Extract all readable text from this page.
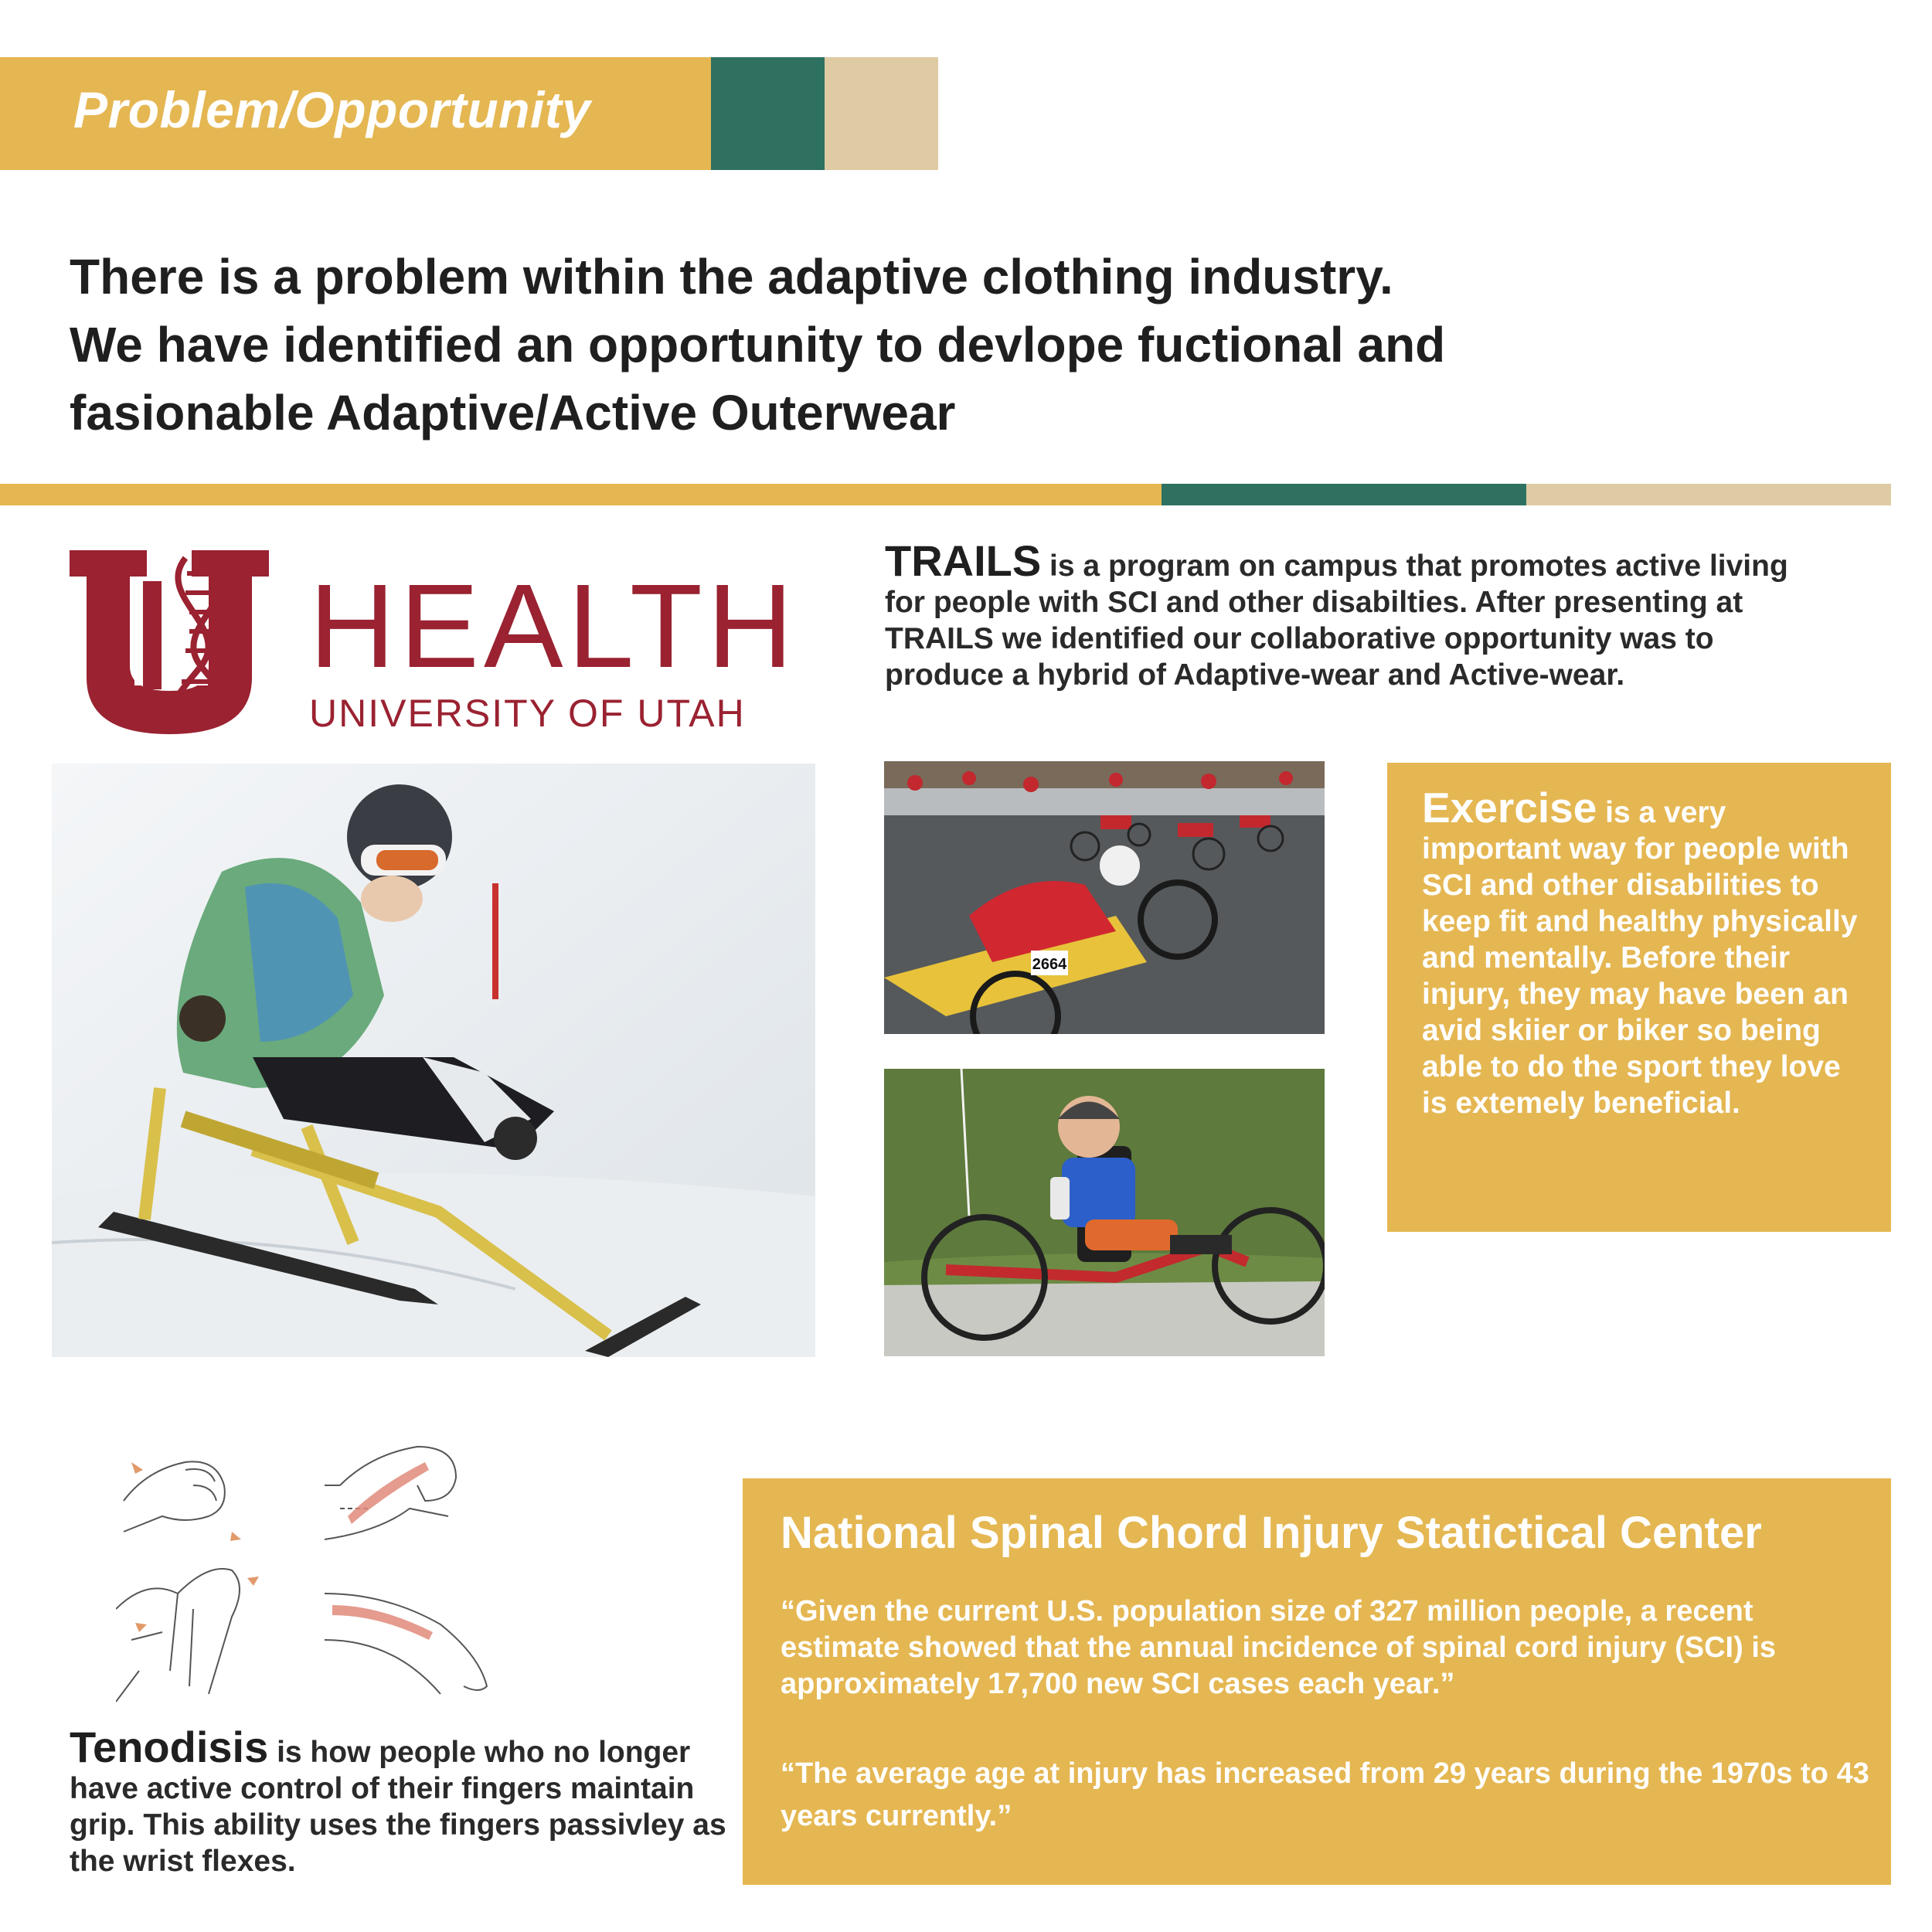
Problem/Opportunity
There is a problem within the adaptive clothing industry.
We have identified an opportunity to devlope fuctional and
fasionable Adaptive/Active Outerwear
HEALTH
UNIVERSITY OF UTAH
2664
TRAILS is a program on campus that promotes active living for people with SCI and other disabilties. After presenting at TRAILS we identified our collaborative opportunity was to produce a hybrid of Adaptive-wear and Active-wear.
Exercise is a very important way for people with SCI and other disabilities to keep fit and healthy physically and mentally. Before their injury, they may have been an avid skiier or biker so being able to do the sport they love is extemely beneficial.
Tenodisis is how people who no longer have active control of their fingers maintain grip. This ability uses the fingers passivley as the wrist flexes.
National Spinal Chord Injury Statictical Center
“Given the current U.S. population size of 327 million people, a recent estimate showed that the annual incidence of spinal cord injury (SCI) is approximately 17,700 new SCI cases each year.”
“The average age at injury has increased from 29 years during the 1970s to 43 years currently.”
